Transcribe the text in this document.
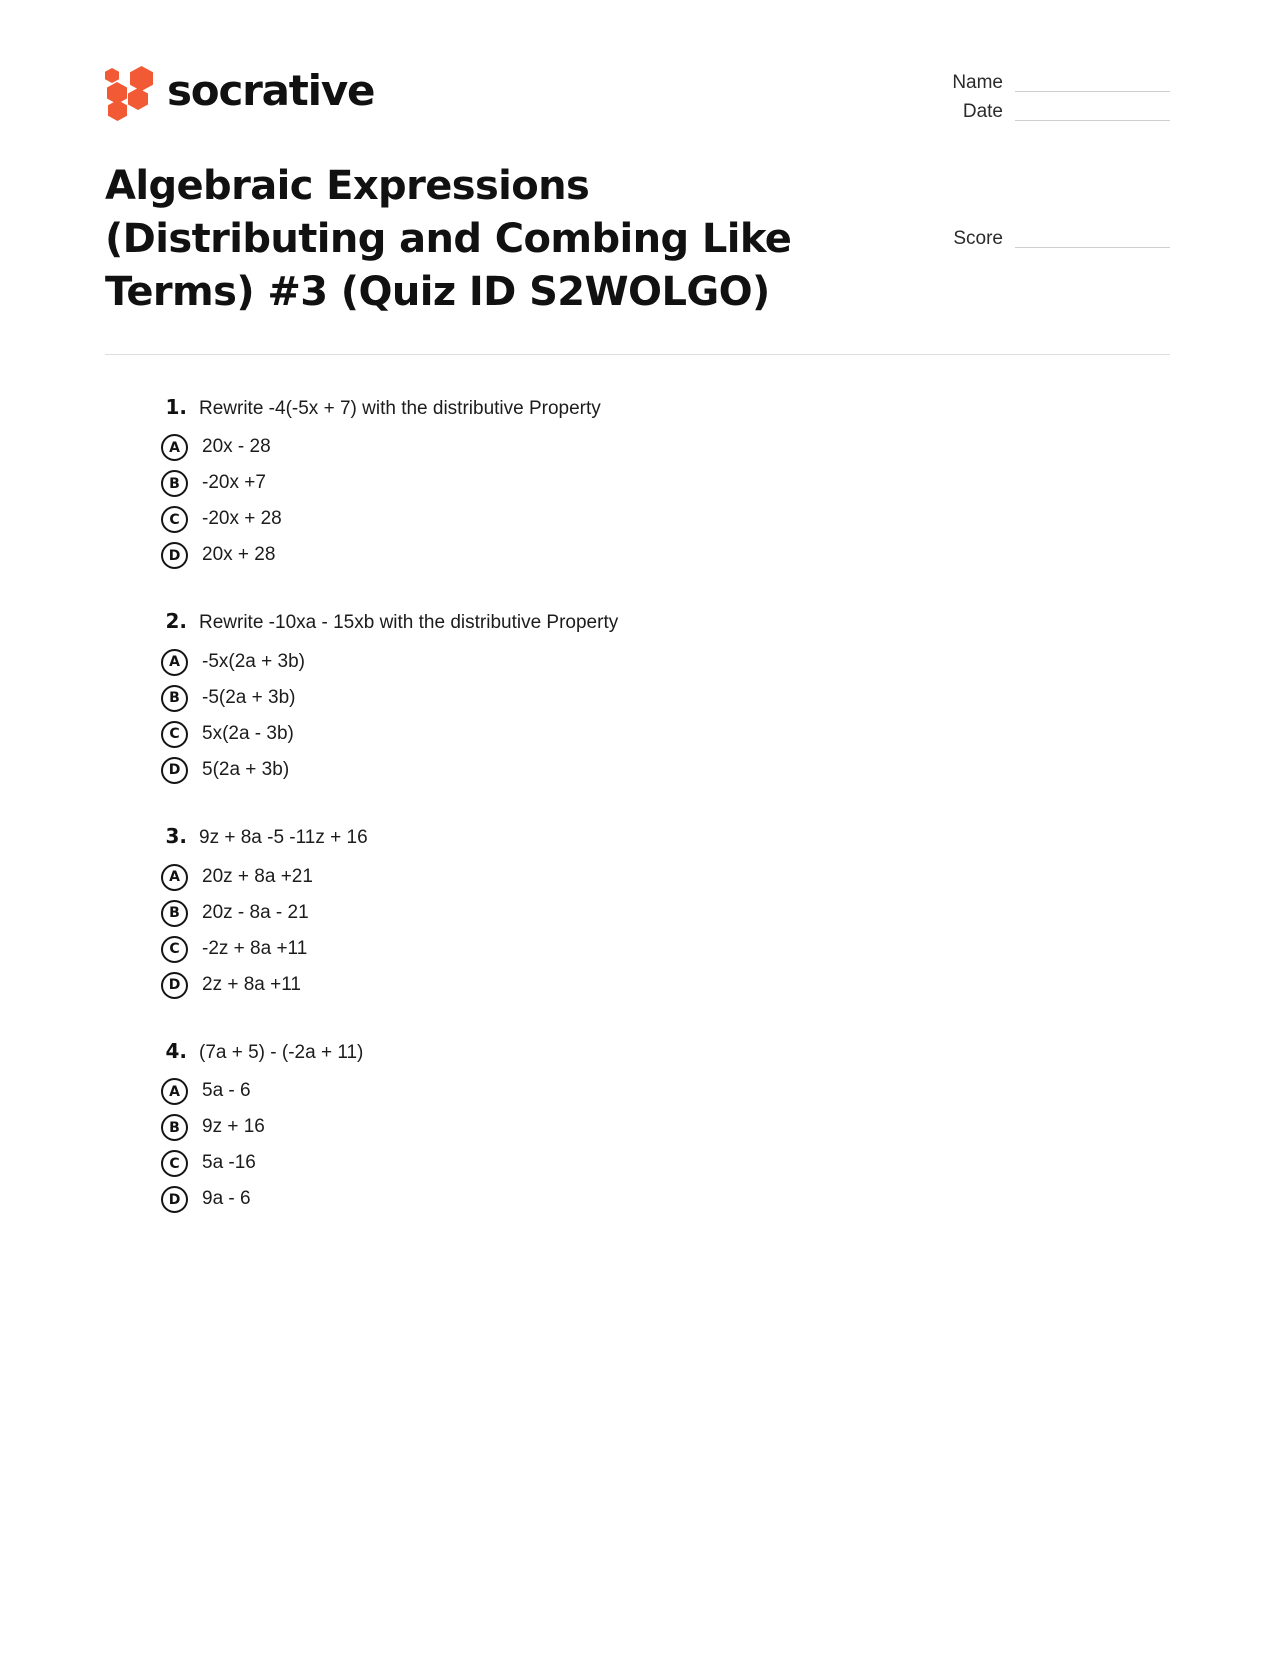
socrative	Name
Date
Algebraic Expressions (Distributing and Combing Like Terms) #3 (Quiz ID S2WOLGO)
Score
1. Rewrite -4(-5x + 7) with the distributive Property
A	20x - 28
B	-20x +7
C	-20x + 28
D	20x + 28
2. Rewrite -10xa - 15xb with the distributive Property
A	-5x(2a + 3b)
B	-5(2a + 3b)
C	5x(2a - 3b)
D	5(2a + 3b)
3. 9z + 8a -5 -11z + 16
A	20z + 8a +21
B	20z - 8a - 21
C	-2z + 8a +11
D	2z + 8a +11
4. (7a + 5) - (-2a + 11)
A	5a - 6
B	9z + 16
C	5a -16
D	9a - 6
